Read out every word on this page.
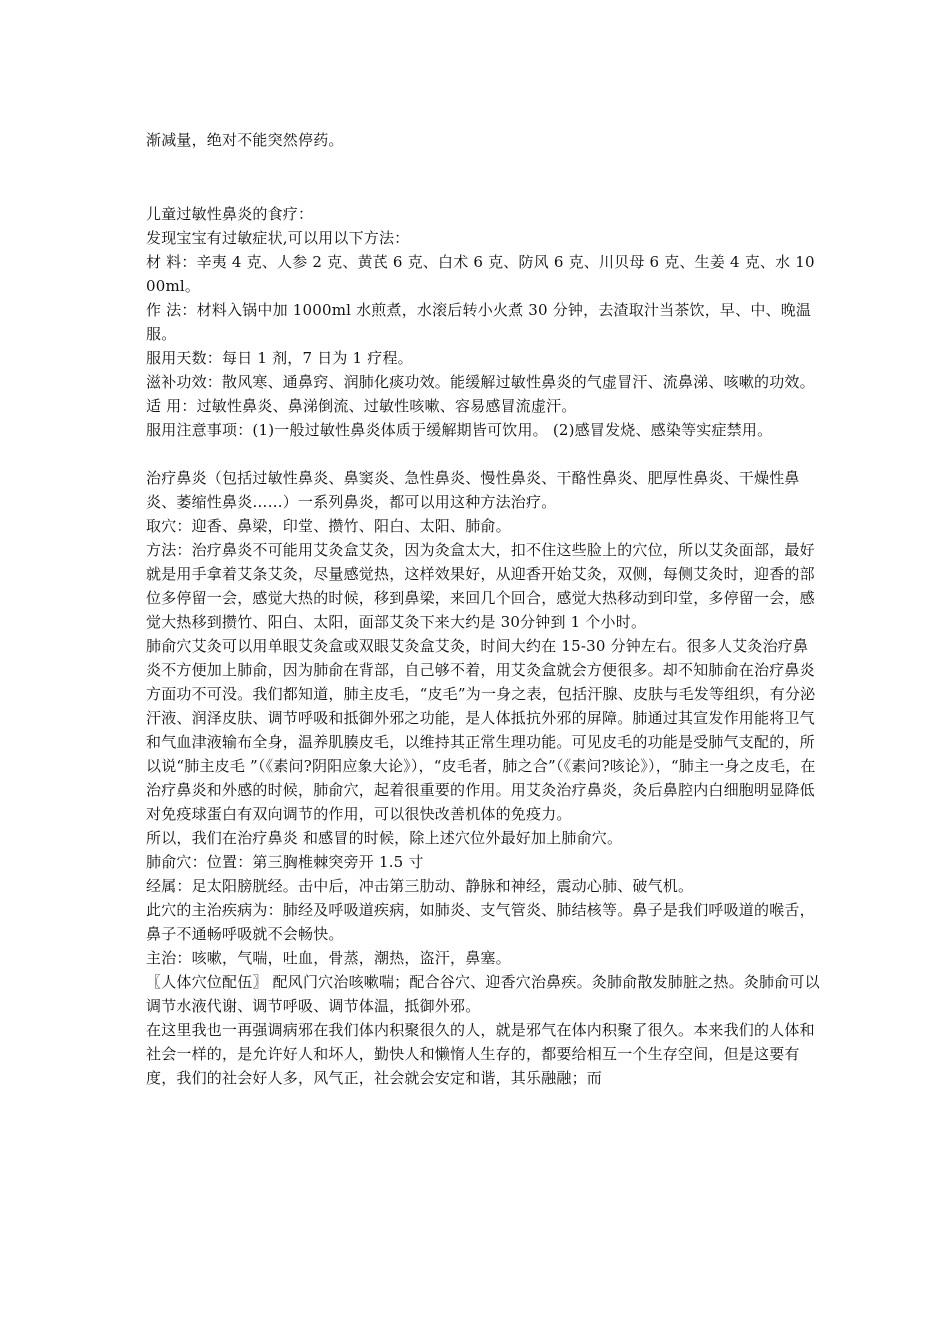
渐减量，绝对不能突然停药。

儿童过敏性鼻炎的食疗：

发现宝宝有过敏症状,可以用以下方法：

材 料：辛夷 4 克、人参 2 克、黄芪 6 克、白术 6 克、防风 6 克、川贝母 6 克、生姜 4 克、水 1000ml。

作 法：材料入锅中加 1000ml 水煎煮，水滚后转小火煮 30 分钟，去渣取汁当茶饮，早、中、晚温服。

服用天数：每日 1 剂，7 日为 1 疗程。

滋补功效：散风寒、通鼻窍、润肺化痰功效。能缓解过敏性鼻炎的气虚冒汗、流鼻涕、咳嗽的功效。

适 用：过敏性鼻炎、鼻涕倒流、过敏性咳嗽、容易感冒流虚汗。

服用注意事项：(1)一般过敏性鼻炎体质于缓解期皆可饮用。 (2)感冒发烧、感染等实症禁用。

治疗鼻炎（包括过敏性鼻炎、鼻窦炎、急性鼻炎、慢性鼻炎、干酪性鼻炎、肥厚性鼻炎、干燥性鼻炎、萎缩性鼻炎……）一系列鼻炎，都可以用这种方法治疗。

取穴：迎香、鼻梁，印堂、攒竹、阳白、太阳、肺俞。

方法：治疗鼻炎不可能用艾灸盒艾灸，因为灸盒太大，扣不住这些脸上的穴位，所以艾灸面部，最好就是用手拿着艾条艾灸，尽量感觉热，这样效果好，从迎香开始艾灸，双侧，每侧艾灸时，迎香的部位多停留一会，感觉大热的时候，移到鼻梁，来回几个回合，感觉大热移动到印堂，多停留一会，感觉大热移到攒竹、阳白、太阳，面部艾灸下来大约是 30分钟到 1 个小时。

肺俞穴艾灸可以用单眼艾灸盒或双眼艾灸盒艾灸，时间大约在 15-30 分钟左右。很多人艾灸治疗鼻炎不方便加上肺俞，因为肺俞在背部，自己够不着，用艾灸盒就会方便很多。却不知肺俞在治疗鼻炎方面功不可没。我们都知道，肺主皮毛，“皮毛”为一身之表，包括汗腺、皮肤与毛发等组织，有分泌汗液、润泽皮肤、调节呼吸和抵御外邪之功能，是人体抵抗外邪的屏障。肺通过其宣发作用能将卫气和气血津液输布全身，温养肌腠皮毛，以维持其正常生理功能。可见皮毛的功能是受肺气支配的，所以说“肺主皮毛 ”（《素问?阴阳应象大论》），“皮毛者，肺之合”（《素问?咳论》），“肺主一身之皮毛，在治疗鼻炎和外感的时候，肺俞穴，起着很重要的作用。用艾灸治疗鼻炎，灸后鼻腔内白细胞明显降低对免疫球蛋白有双向调节的作用，可以很快改善机体的免疫力。

所以，我们在治疗鼻炎 和感冒的时候，除上述穴位外最好加上肺俞穴。

肺俞穴：位置：第三胸椎棘突旁开 1.5 寸

经属：足太阳膀胱经。击中后，冲击第三肋动、静脉和神经，震动心肺、破气机。

此穴的主治疾病为：肺经及呼吸道疾病，如肺炎、支气管炎、肺结核等。鼻子是我们呼吸道的喉舌，鼻子不通畅呼吸就不会畅快。

主治：咳嗽，气喘，吐血，骨蒸，潮热，盗汗，鼻塞。

〖人体穴位配伍〗 配风门穴治咳嗽喘；配合谷穴、迎香穴治鼻疾。灸肺俞散发肺脏之热。灸肺俞可以调节水液代谢、调节呼吸、调节体温，抵御外邪。

在这里我也一再强调病邪在我们体内积聚很久的人，就是邪气在体内积聚了很久。本来我们的人体和社会一样的，是允许好人和坏人，勤快人和懒惰人生存的，都要给相互一个生存空间，但是这要有度，我们的社会好人多，风气正，社会就会安定和谐，其乐融融；而
